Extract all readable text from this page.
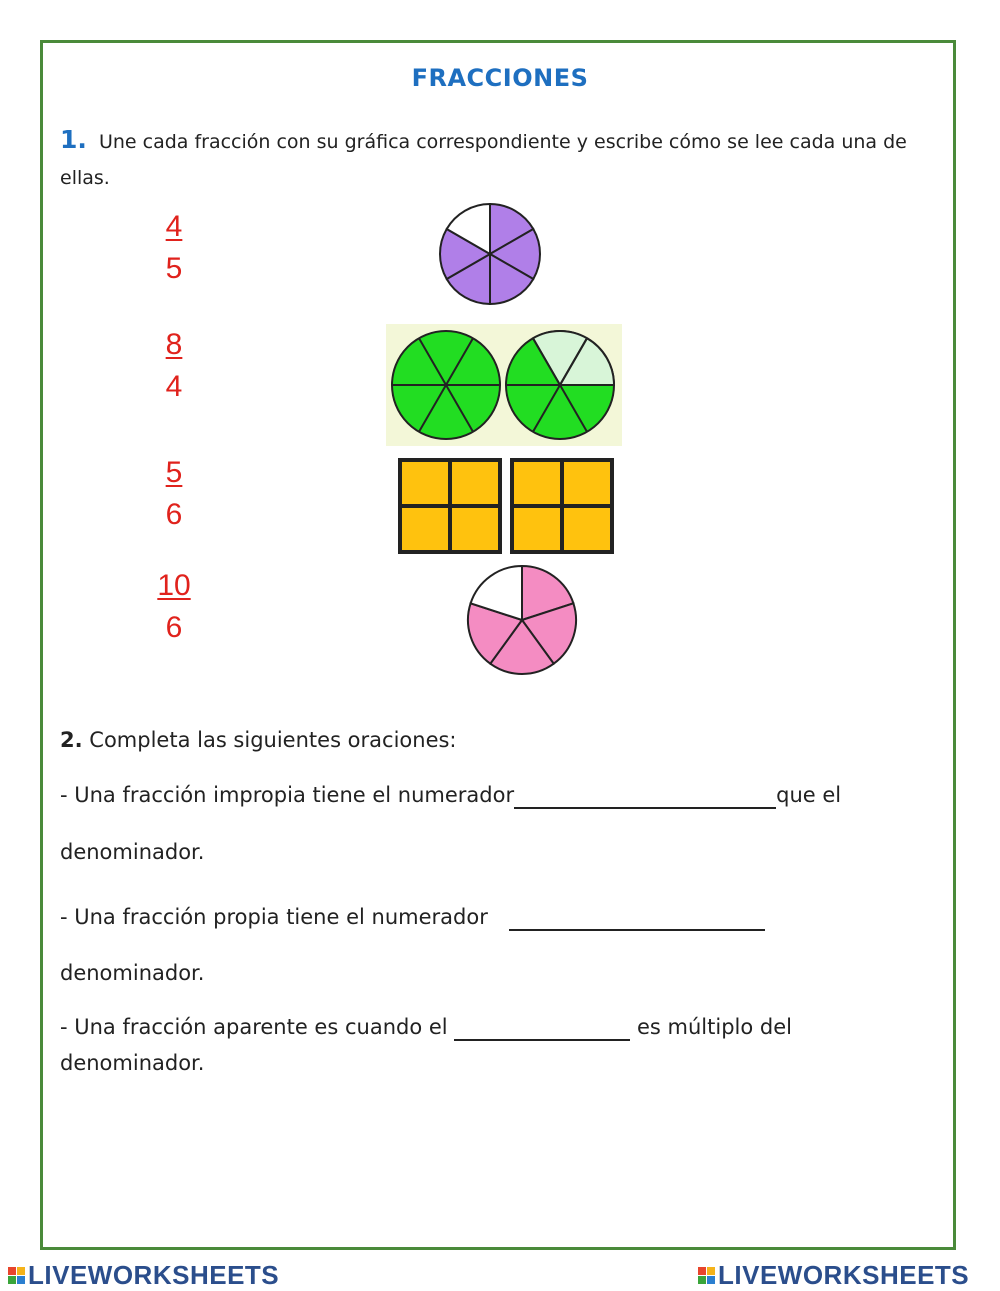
FRACCIONES
1. Une cada fracción con su gráfica correspondiente y escribe cómo se lee cada una de ellas.
$\frac{4}{5}$
$\frac{8}{4}$
$\frac{5}{6}$
$\frac{10}{6}$
2. Completa las siguientes oraciones:
- Una fracción impropia tiene el numerador	que el
denominador.
- Una fracción propia tiene el numerador
denominador.
- Una fracción aparente es cuando el	es múltiplo del
denominador.
LIVEWORKSHEETS	LIVEWORKSHEETS
